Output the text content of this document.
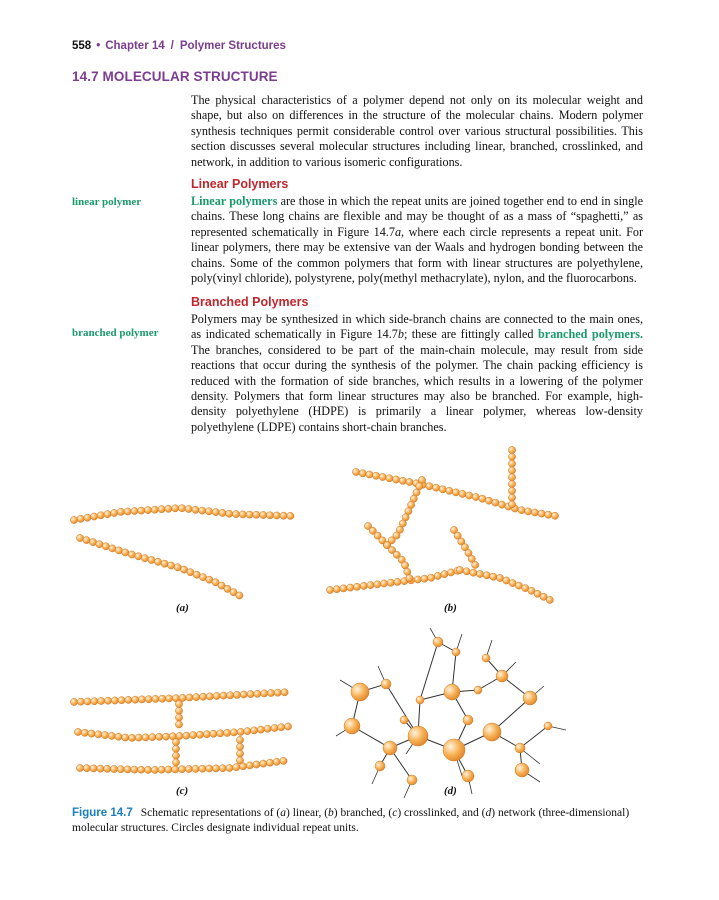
558 • Chapter 14 / Polymer Structures
14.7 MOLECULAR STRUCTURE

The physical characteristics of a polymer depend not only on its molecular weight and shape, but also on differences in the structure of the molecular chains. Modern polymer synthesis techniques permit considerable control over various structural possibilities. This section discusses several molecular structures including linear, branched, crosslinked, and network, in addition to various isomeric configurations.

Linear Polymers
linear polymer	Linear polymers are those in which the repeat units are joined together end to end in single chains. These long chains are flexible and may be thought of as a mass of “spaghetti,” as represented schematically in Figure 14.7a, where each circle represents a repeat unit. For linear polymers, there may be extensive van der Waals and hydrogen bonding between the chains. Some of the common polymers that form with linear structures are polyethylene, poly(vinyl chloride), polystyrene, poly(methyl methacrylate), nylon, and the fluorocarbons.

Branched Polymers
branched polymer

Polymers may be synthesized in which side-branch chains are connected to the main ones, as indicated schematically in Figure 14.7b; these are fittingly called branched polymers. The branches, considered to be part of the main-chain molecule, may result from side reactions that occur during the synthesis of the polymer. The chain packing efficiency is reduced with the formation of side branches, which results in a lowering of the polymer density. Polymers that form linear structures may also be branched. For example, high-density polyethylene (HDPE) is primarily a linear polymer, whereas low-density polyethylene (LDPE) contains short-chain branches.

(a)	(b)
(c)	(d)

Figure 14.7 Schematic representations of (a) linear, (b) branched, (c) crosslinked, and (d) network (three-dimensional) molecular structures. Circles designate individual repeat units.
